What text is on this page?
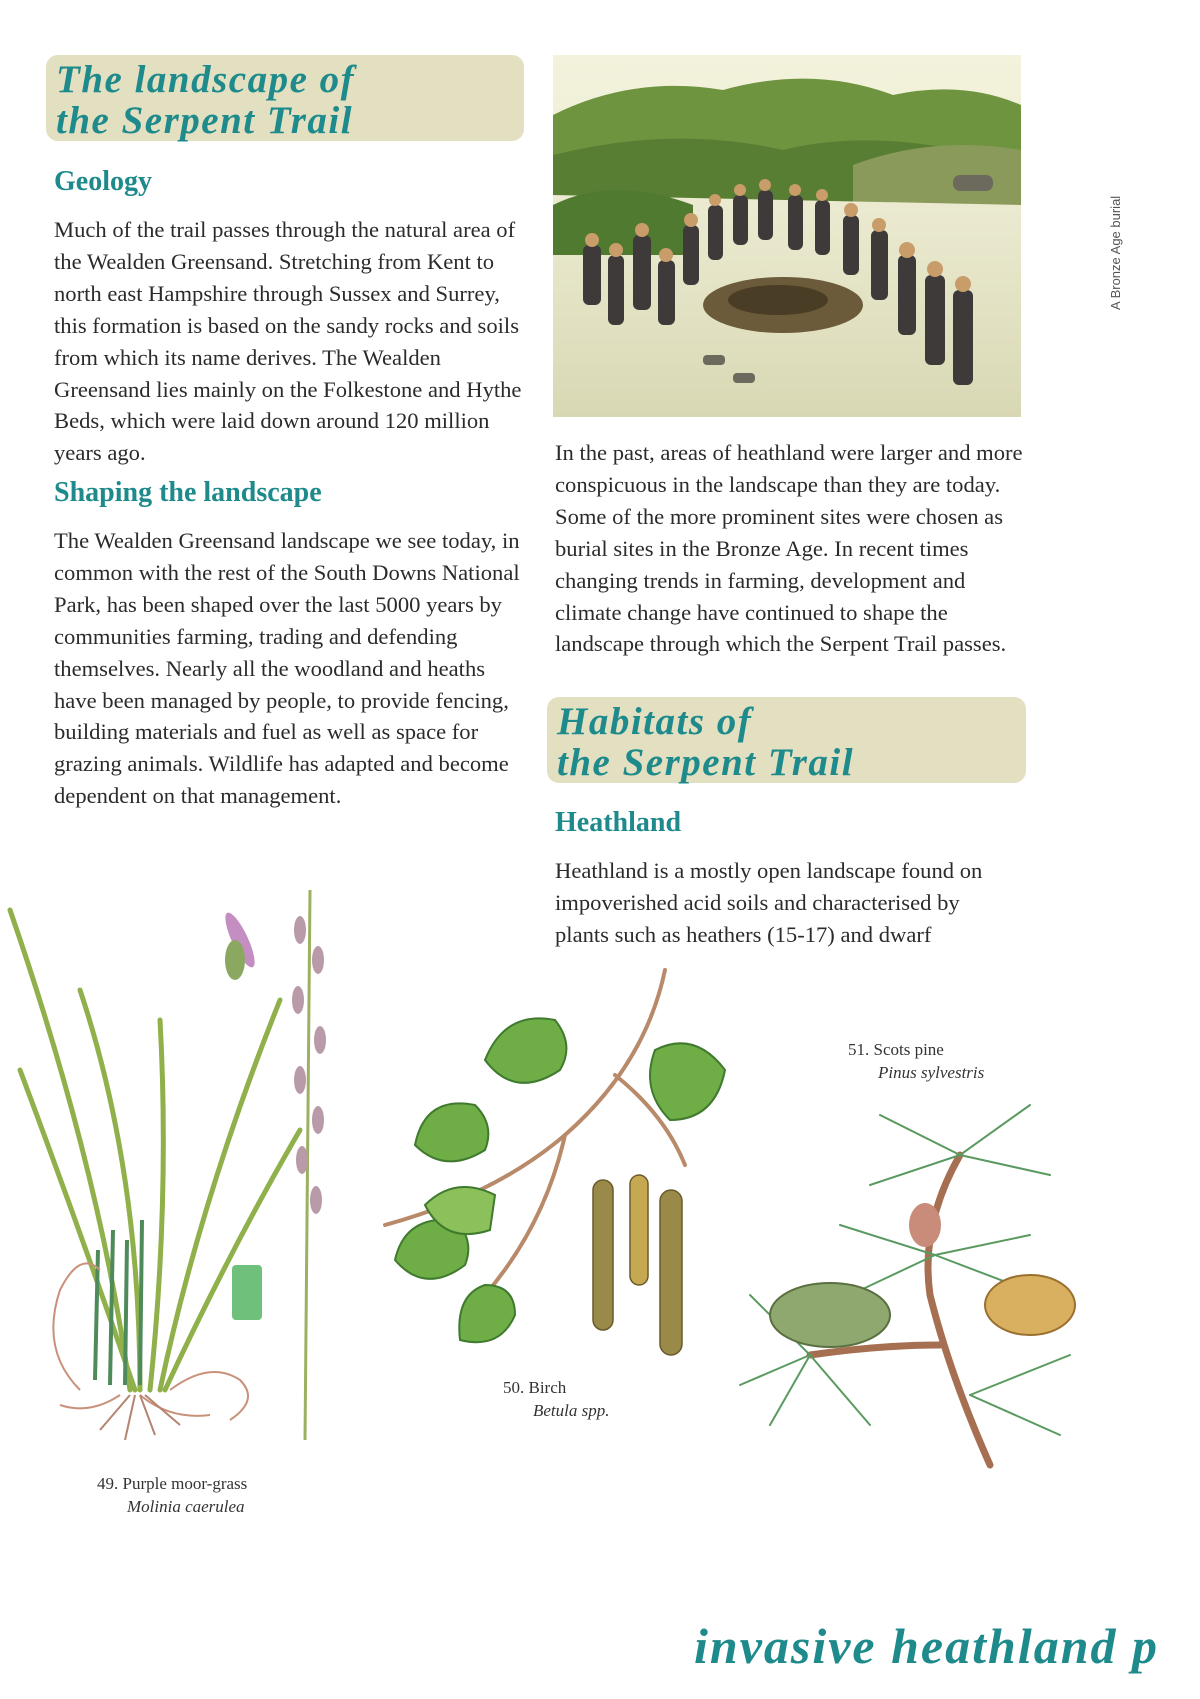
The landscape of
the Serpent Trail
Geology

Much of the trail passes through the natural area of the Wealden Greensand. Stretching from Kent to north east Hampshire through Sussex and Surrey, this formation is based on the sandy rocks and soils from which its name derives. The Wealden Greensand lies mainly on the Folkestone and Hythe Beds, which were laid down around 120 million years ago.

Shaping the landscape

The Wealden Greensand landscape we see today, in common with the rest of the South Downs National Park, has been shaped over the last 5000 years by communities farming, trading and defending themselves. Nearly all the woodland and heaths have been managed by people, to provide fencing, building materials and fuel as well as space for grazing animals. Wildlife has adapted and become dependent on that management.

A Bronze Age burial

In the past, areas of heathland were larger and more conspicuous in the landscape than they are today. Some of the more prominent sites were chosen as burial sites in the Bronze Age. In recent times changing trends in farming, development and climate change have continued to shape the landscape through which the Serpent Trail passes.

Habitats of
the Serpent Trail
Heathland

Heathland is a mostly open landscape found on impoverished acid soils and characterised by plants such as heathers (15-17) and dwarf

49. Purple moor-grass
Molinia caerulea
50. Birch
Betula spp.
51. Scots pine
Pinus sylvestris
invasive heathland p
